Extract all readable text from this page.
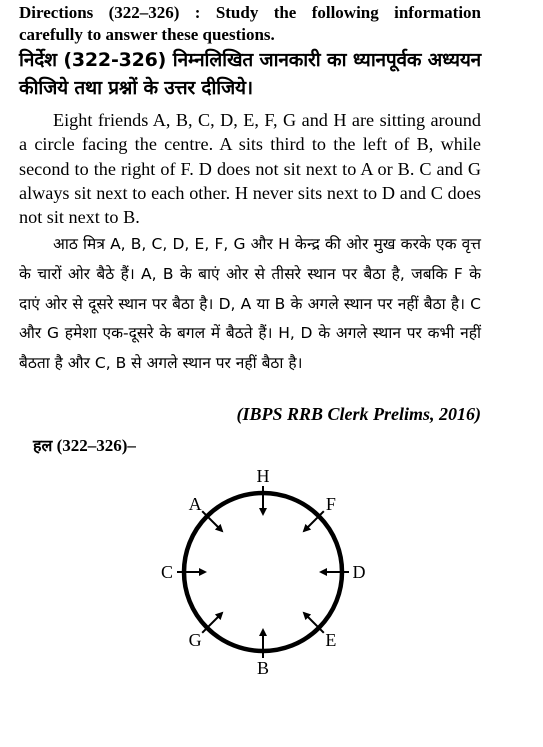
Directions (322–326) : Study the following information carefully to answer these questions.

निर्देश (322-326) निम्नलिखित जानकारी का ध्यानपूर्वक अध्ययन कीजिये तथा प्रश्नों के उत्तर दीजिये।

Eight friends A, B, C, D, E, F, G and H are sitting around a circle facing the centre. A sits third to the left of B, while second to the right of F. D does not sit next to A or B. C and G always sit next to each other. H never sits next to D and C does not sit next to B.

आठ मित्र A, B, C, D, E, F, G और H केन्द्र की ओर मुख करके एक वृत्त के चारों ओर बैठे हैं। A, B के बाएं ओर से तीसरे स्थान पर बैठा है, जबकि F के दाएं ओर से दूसरे स्थान पर बैठा है। D, A या B के अगले स्थान पर नहीं बैठा है। C और G हमेशा एक-दूसरे के बगल में बैठते हैं। H, D के अगले स्थान पर कभी नहीं बैठता है और C, B से अगले स्थान पर नहीं बैठा है।

(IBPS RRB Clerk Prelims, 2016)

हल (322–326)–

H
F
D
E
B
G
C
A
